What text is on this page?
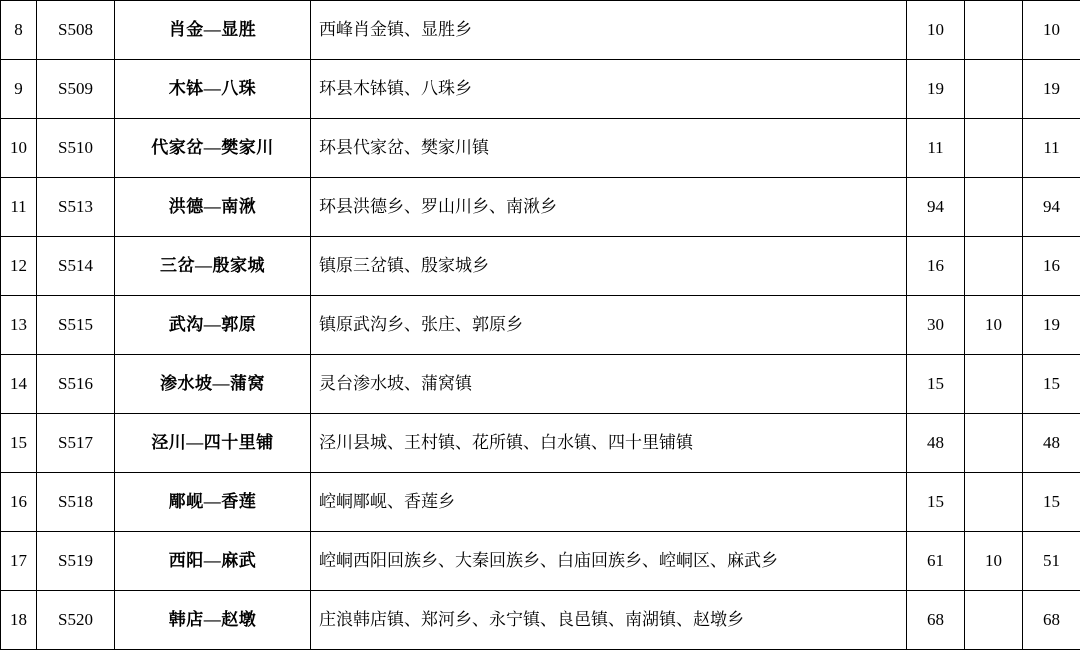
8	S508	肖金—显胜	西峰肖金镇、显胜乡	10		10
9	S509	木钵—八珠	环县木钵镇、八珠乡	19		19
10	S510	代家岔—樊家川	环县代家岔、樊家川镇	11		11
11	S513	洪德—南湫	环县洪德乡、罗山川乡、南湫乡	94		94
12	S514	三岔—殷家城	镇原三岔镇、殷家城乡	16		16
13	S515	武沟—郭原	镇原武沟乡、张庄、郭原乡	30	10	19
14	S516	渗水坡—蒲窝	灵台渗水坡、蒲窝镇	15		15
15	S517	泾川—四十里铺	泾川县城、王村镇、花所镇、白水镇、四十里铺镇	48		48
16	S518	郮岘—香莲	崆峒郮岘、香莲乡	15		15
17	S519	西阳—麻武	崆峒西阳回族乡、大秦回族乡、白庙回族乡、崆峒区、麻武乡	61	10	51
18	S520	韩店—赵墩	庄浪韩店镇、郑河乡、永宁镇、良邑镇、南湖镇、赵墩乡	68		68
